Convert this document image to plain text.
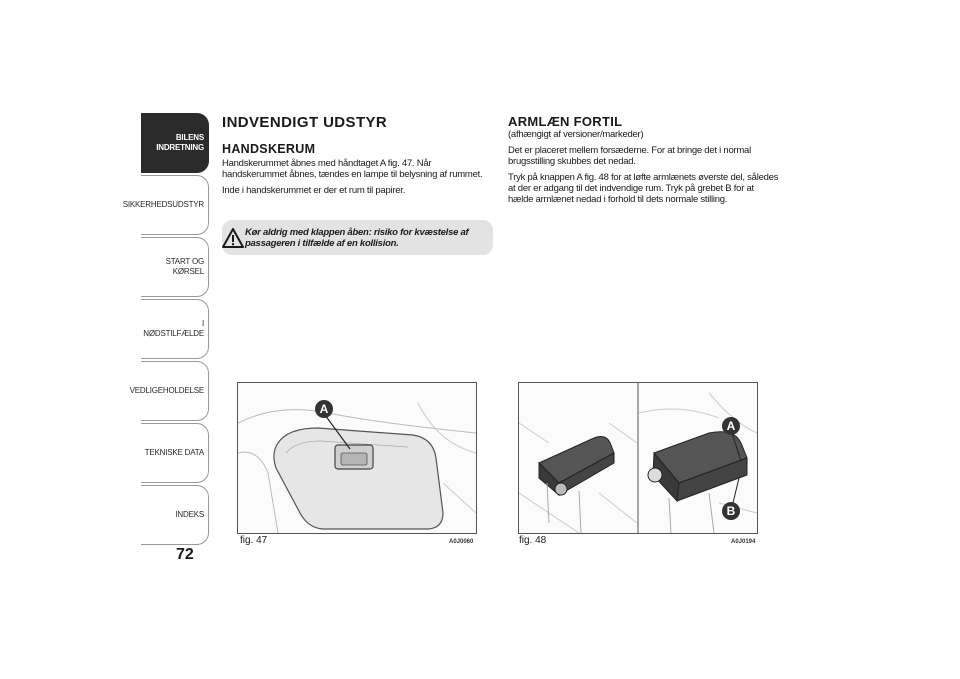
BILENS
INDRETNING
SIKKERHEDSUDSTYR
START OG KØRSEL
I NØDSTILFÆLDE
VEDLIGEHOLDELSE
TEKNISKE DATA
INDEKS
72
INDVENDIGT UDSTYR
HANDSKERUM

Handskerummet åbnes med håndtaget A fig. 47. Når handskerummet åbnes, tændes en lampe til belysning af rummet.

Inde i handskerummet er der et rum til papirer.

Kør aldrig med klappen åben: risiko for kvæstelse af passageren i tilfælde af en kollision.
ARMLÆN FORTIL

(afhængigt af versioner/markeder)

Det er placeret mellem forsæderne. For at bringe det i normal brugsstilling skubbes det nedad.

Tryk på knappen A fig. 48 for at løfte armlænets øverste del, således at der er adgang til det indvendige rum. Tryk på grebet B for at hælde armlænet nedad i forhold til dets normale stilling.

A
fig. 47	A0J0060
A
B
fig. 48	A0J0194
